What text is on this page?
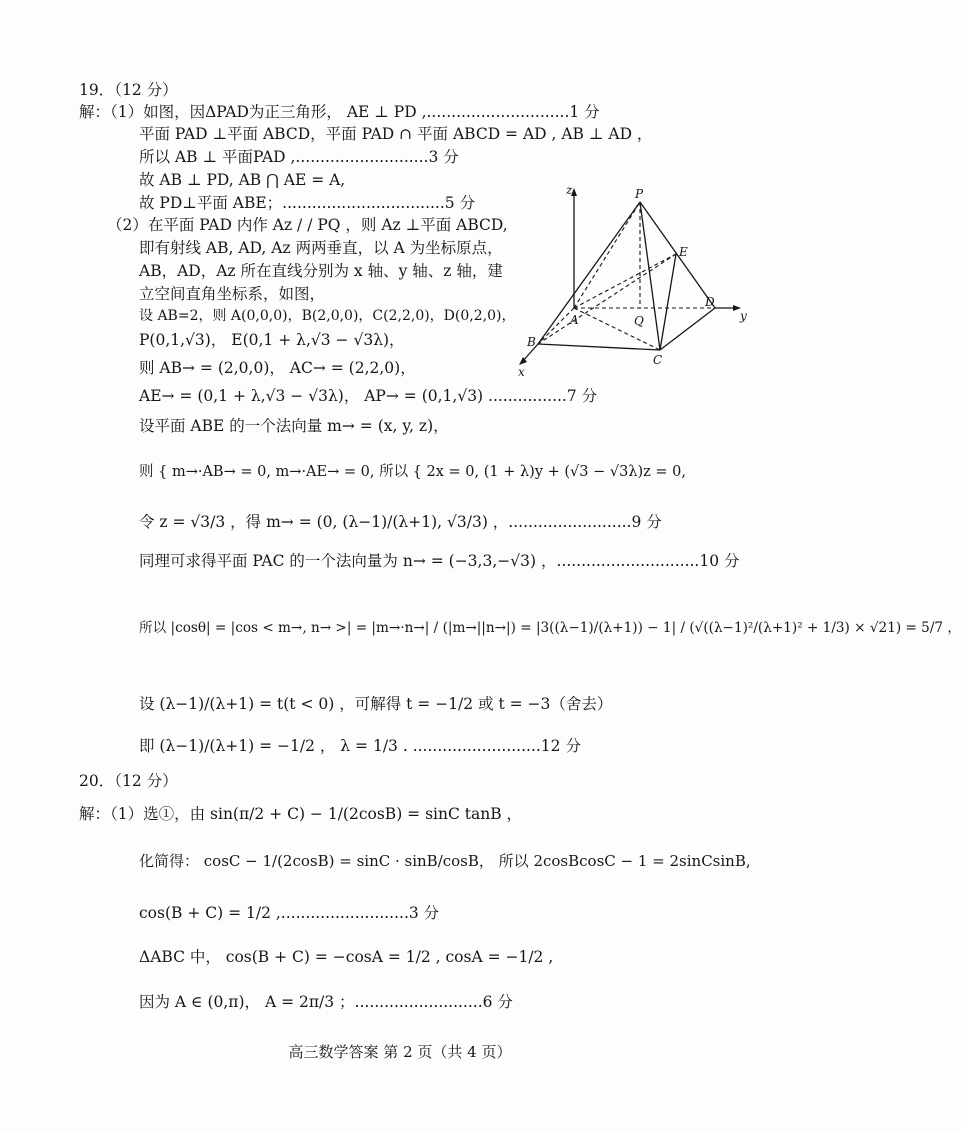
19．（12 分）
解：（1）如图，因ΔPAD为正三角形， AE ⊥ PD ,.............................1 分
平面 PAD ⊥平面 ABCD，平面 PAD ∩ 平面 ABCD = AD , AB ⊥ AD ，
所以 AB ⊥ 平面PAD ,...........................3 分
故 AB ⊥ PD, AB ⋂ AE = A,
故 PD⊥平面 ABE；.................................5 分
（2）在平面 PAD 内作 Az / / PQ ，则 Az ⊥平面 ABCD,
即有射线 AB, AD, Az 两两垂直，以 A 为坐标原点，
AB，AD，Az 所在直线分别为 x 轴、y 轴、z 轴，建
立空间直角坐标系，如图，
设 AB=2，则 A(0,0,0)，B(2,0,0)，C(2,2,0)，D(0,2,0)，
P(0,1,√3)， E(0,1 + λ,√3 − √3λ)，
则 AB→ = (2,0,0)， AC→ = (2,2,0)，
AE→ = (0,1 + λ,√3 − √3λ)， AP→ = (0,1,√3) ................7 分
设平面 ABE 的一个法向量 m→ = (x, y, z)，
则 { m→·AB→ = 0, m→·AE→ = 0, 所以 { 2x = 0, (1 + λ)y + (√3 − √3λ)z = 0,
令 z = √3/3 ，得 m→ = (0, (λ−1)/(λ+1), √3/3) ，.........................9 分
同理可求得平面 PAC 的一个法向量为 n→ = (−3,3,−√3) ，.............................10 分
所以 |cosθ| = |cos < m→, n→ >| = |m→·n→| / (|m→||n→|) = |3((λ−1)/(λ+1)) − 1| / (√((λ−1)²/(λ+1)² + 1/3) × √21) = 5/7 ，
设 (λ−1)/(λ+1) = t(t < 0) ，可解得 t = −1/2 或 t = −3（舍去）
即 (λ−1)/(λ+1) = −1/2 ， λ = 1/3 . ..........................12 分
20．（12 分）
解：（1）选①，由 sin(π/2 + C) − 1/(2cosB) = sinC tanB ，
化简得： cosC − 1/(2cosB) = sinC · sinB/cosB， 所以 2cosBcosC − 1 = 2sinCsinB,
cos(B + C) = 1/2 ,..........................3 分
ΔABC 中， cos(B + C) = −cosA = 1/2 , cosA = −1/2 ,
因为 A ∈ (0,π)， A = 2π/3 ；..........................6 分
z	P
E
D
y
A	Q
B
C
x
高三数学答案 第 2 页（共 4 页）
